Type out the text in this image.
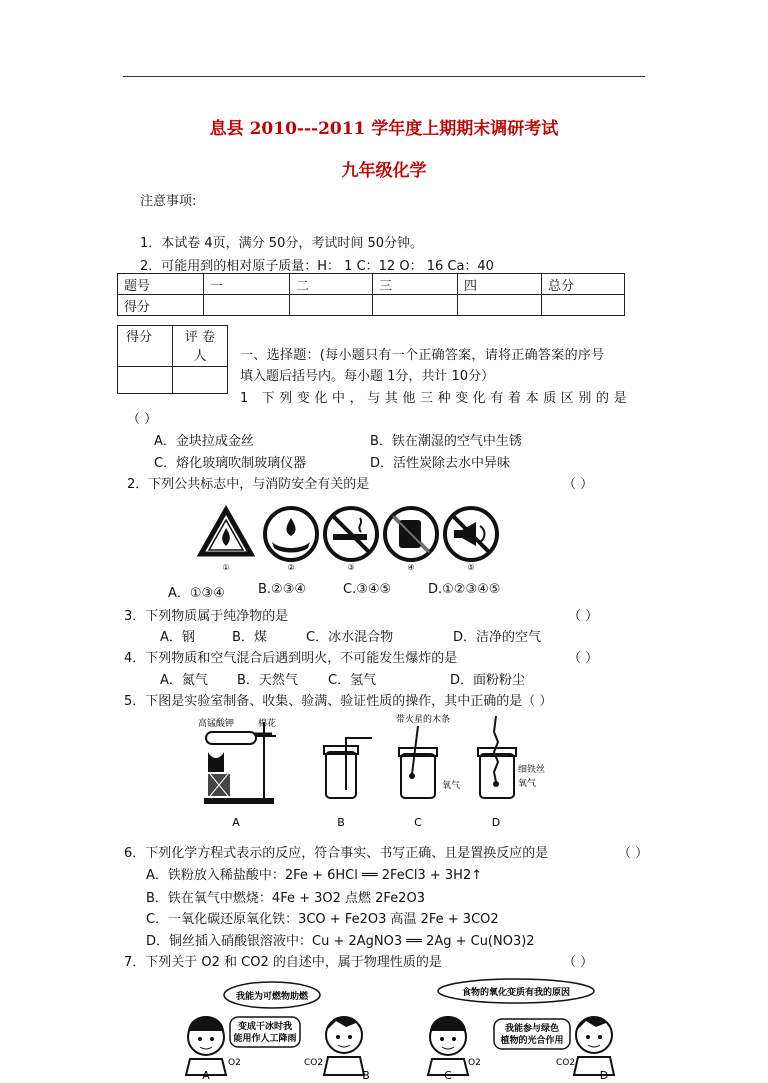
息县 2010---2011 学年度上期期末调研考试
九年级化学
注意事项:
1．本试卷 4页，满分 50分，考试时间 50分钟。
2．可能用到的相对原子质量：H： 1 C：12 O： 16 Ca：40
题号	一	二	三	四	总分
得分					
得分	评 卷 人
		一、选择题：(每小题只有一个正确答案，请将正确答案的序号
填入题后括号内。每小题 1分，共计 10分）
1 下列变化中，与其他三种变化有着本质区别的是
（ ）
A．金块拉成金丝	B．铁在潮湿的空气中生锈
C．熔化玻璃吹制玻璃仪器	D．活性炭除去水中异味
2．下列公共标志中，与消防安全有关的是	（ ）
①	②	③	④	⑤
A．①③④	B.②③④	C.③④⑤	D.①②③④⑤
3．下列物质属于纯净物的是	（ ）
A．钢	B．煤	C．冰水混合物	D．洁净的空气
4．下列物质和空气混合后遇到明火，不可能发生爆炸的是	（ ）
A．氮气 B．天然气 C．氢气	D．面粉粉尘
5．下图是实验室制备、收集、验满、验证性质的操作，其中正确的是（ ）
高锰酸钾	棉花	带火星的木条
氧气
细铁丝
氧气
A	B	C	D
6．下列化学方程式表示的反应，符合事实、书写正确、且是置换反应的是	（ ）
A．铁粉放入稀盐酸中：2Fe + 6HCl ══ 2FeCl3 + 3H2↑
B．铁在氧气中燃烧：4Fe + 3O2 点燃 2Fe2O3
C．一氧化碳还原氧化铁：3CO + Fe2O3 高温 2Fe + 3CO2
D．铜丝插入硝酸银溶液中：Cu + 2AgNO3 ══ 2Ag + Cu(NO3)2
7．下列关于 O2 和 CO2 的自述中，属于物理性质的是	（ ）
我能为可燃物助燃
变成干冰时我
能用作人工降雨
O2	CO2
A	B
食物的氧化变质有我的原因
我能参与绿色
植物的光合作用
O2	CO2
C	D
